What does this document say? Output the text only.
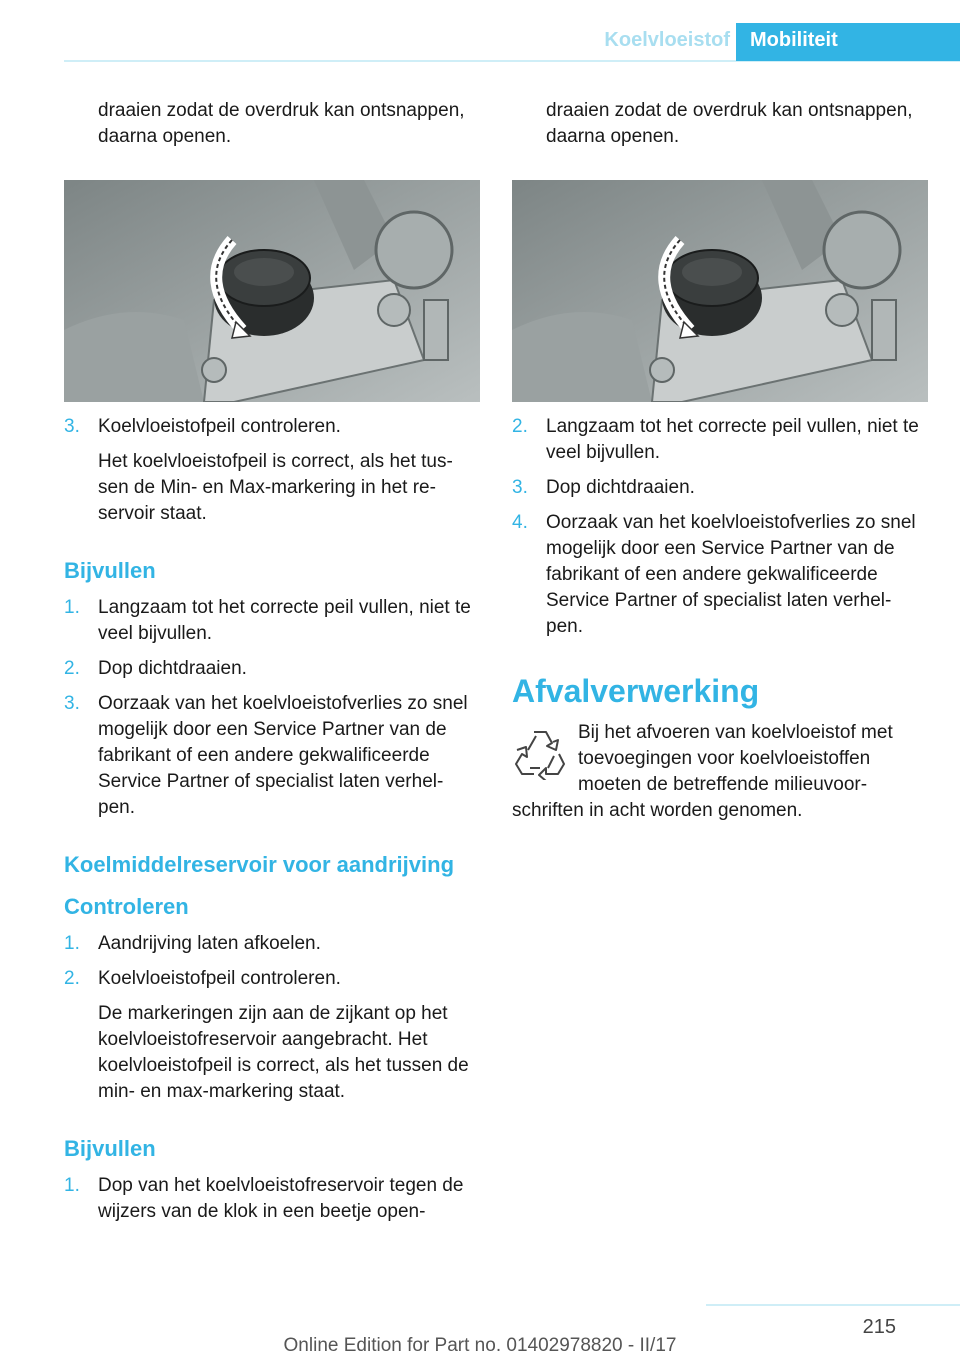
Koelvloeistof	Mobiliteit

draaien zodat de overdruk kan ontsnappen, daarna openen.

3. Koelvloeistofpeil controleren.
Het koelvloeistofpeil is correct, als het tus‐ sen de Min- en Max-markering in het re‐ servoir staat.
Bijvullen
1. Langzaam tot het correcte peil vullen, niet te veel bijvullen.
2. Dop dichtdraaien.
3. Oorzaak van het koelvloeistofverlies zo snel mogelijk door een Service Partner van de fabrikant of een andere gekwalificeerde Service Partner of specialist laten verhel‐ pen.
Koelmiddelreservoir voor aandrijving
Controleren
1. Aandrijving laten afkoelen.
2. Koelvloeistofpeil controleren.
De markeringen zijn aan de zijkant op het koelvloeistofreservoir aangebracht. Het koelvloeistofpeil is correct, als het tussen de min- en max-markering staat.
Bijvullen
1. Dop van het koelvloeistofreservoir tegen de wijzers van de klok in een beetje open‐

draaien zodat de overdruk kan ontsnappen, daarna openen.

2. Langzaam tot het correcte peil vullen, niet te veel bijvullen.
3. Dop dichtdraaien.
4. Oorzaak van het koelvloeistofverlies zo snel mogelijk door een Service Partner van de fabrikant of een andere gekwalificeerde Service Partner of specialist laten verhel‐ pen.
Afvalverwerking

Bij het afvoeren van koelvloeistof met toevoegingen voor koelvloeistoffen moeten de betreffende milieuvoor‐

schriften in acht worden genomen.

215
Online Edition for Part no. 01402978820 - II/17
